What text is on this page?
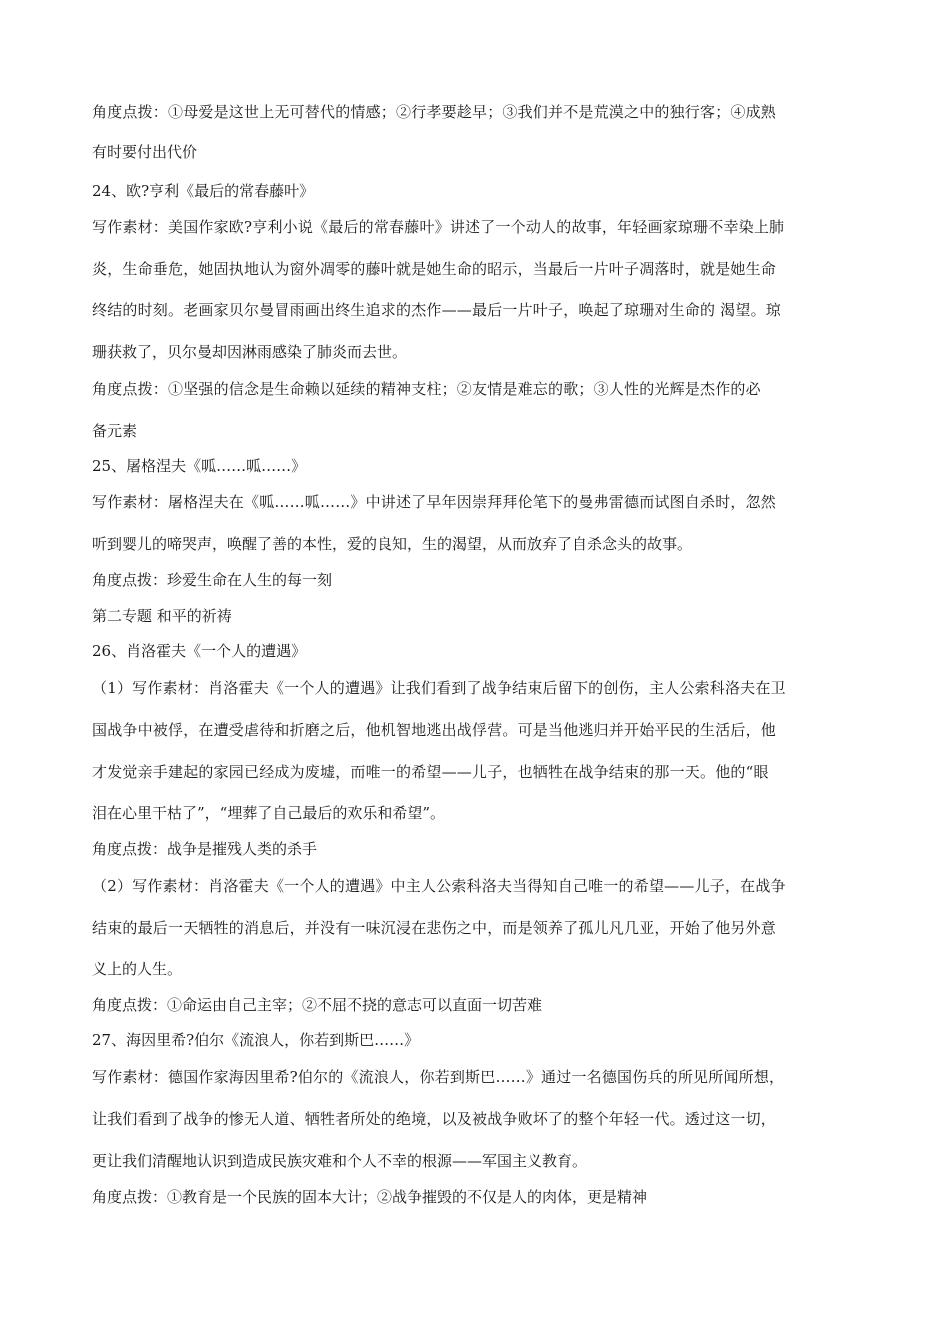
角度点拨：①母爱是这世上无可替代的情感；②行孝要趁早；③我们并不是荒漠之中的独行客；④成熟
有时要付出代价
24、欧?亨利《最后的常春藤叶》
写作素材：美国作家欧?亨利小说《最后的常春藤叶》讲述了一个动人的故事，年轻画家琼珊不幸染上肺
炎，生命垂危，她固执地认为窗外凋零的藤叶就是她生命的昭示，当最后一片叶子凋落时，就是她生命
终结的时刻。老画家贝尔曼冒雨画出终生追求的杰作——最后一片叶子，唤起了琼珊对生命的 渴望。琼
珊获救了，贝尔曼却因淋雨感染了肺炎而去世。
角度点拨：①坚强的信念是生命赖以延续的精神支柱；②友情是难忘的歌；③人性的光辉是杰作的必
备元素
25、屠格涅夫《呱……呱……》
写作素材：屠格涅夫在《呱……呱……》中讲述了早年因崇拜拜伦笔下的曼弗雷德而试图自杀时，忽然
听到婴儿的啼哭声，唤醒了善的本性，爱的良知，生的渴望，从而放弃了自杀念头的故事。
角度点拨：珍爱生命在人生的每一刻
第二专题 和平的祈祷
26、肖洛霍夫《一个人的遭遇》
（1）写作素材：肖洛霍夫《一个人的遭遇》让我们看到了战争结束后留下的创伤，主人公索科洛夫在卫
国战争中被俘，在遭受虐待和折磨之后，他机智地逃出战俘营。可是当他逃归并开始平民的生活后，他
才发觉亲手建起的家园已经成为废墟，而唯一的希望——儿子，也牺牲在战争结束的那一天。他的“眼
泪在心里干枯了”，“埋葬了自己最后的欢乐和希望”。
角度点拨：战争是摧残人类的杀手
（2）写作素材：肖洛霍夫《一个人的遭遇》中主人公索科洛夫当得知自己唯一的希望——儿子，在战争
结束的最后一天牺牲的消息后，并没有一味沉浸在悲伤之中，而是领养了孤儿凡几亚，开始了他另外意
义上的人生。
角度点拨：①命运由自己主宰；②不屈不挠的意志可以直面一切苦难
27、海因里希?伯尔《流浪人，你若到斯巴……》
写作素材：德国作家海因里希?伯尔的《流浪人，你若到斯巴……》通过一名德国伤兵的所见所闻所想，
让我们看到了战争的惨无人道、牺牲者所处的绝境，以及被战争败坏了的整个年轻一代。透过这一切，
更让我们清醒地认识到造成民族灾难和个人不幸的根源——军国主义教育。
角度点拨：①教育是一个民族的固本大计；②战争摧毁的不仅是人的肉体，更是精神
